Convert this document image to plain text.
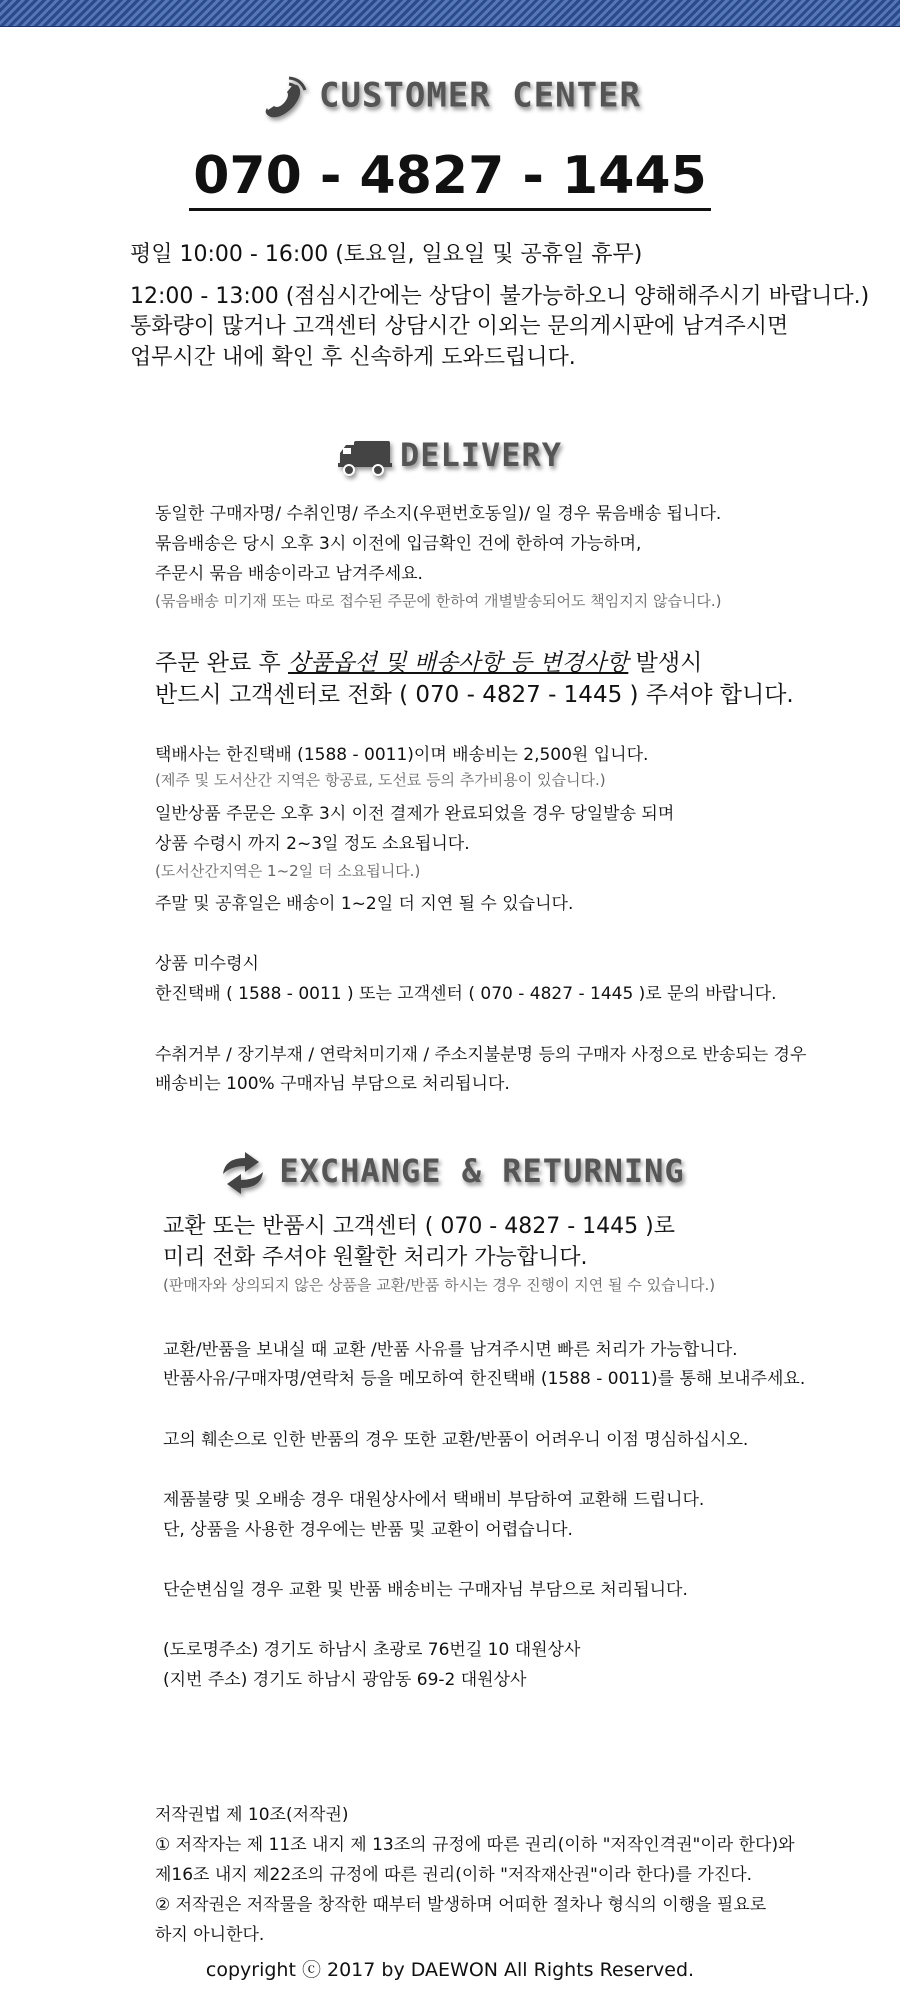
CUSTOMER CENTER
070 - 4827 - 1445
평일 10:00 - 16:00 (토요일, 일요일 및 공휴일 휴무)
12:00 - 13:00 (점심시간에는 상담이 불가능하오니 양해해주시기 바랍니다.)
통화량이 많거나 고객센터 상담시간 이외는 문의게시판에 남겨주시면
업무시간 내에 확인 후 신속하게 도와드립니다.
DELIVERY
동일한 구매자명/ 수취인명/ 주소지(우편번호동일)/ 일 경우 묶음배송 됩니다.
묶음배송은 당시 오후 3시 이전에 입금확인 건에 한하여 가능하며,
주문시 묶음 배송이라고 남겨주세요.
(묶음배송 미기재 또는 따로 접수된 주문에 한하여 개별발송되어도 책임지지 않습니다.)
주문 완료 후 상품옵션 및 배송사항 등 변경사항 발생시
반드시 고객센터로 전화 ( 070 - 4827 - 1445 ) 주셔야 합니다.
택배사는 한진택배 (1588 - 0011)이며 배송비는 2,500원 입니다.
(제주 및 도서산간 지역은 항공료, 도선료 등의 추가비용이 있습니다.)
일반상품 주문은 오후 3시 이전 결제가 완료되었을 경우 당일발송 되며
상품 수령시 까지 2~3일 정도 소요됩니다.
(도서산간지역은 1~2일 더 소요됩니다.)
주말 및 공휴일은 배송이 1~2일 더 지연 될 수 있습니다.
상품 미수령시
한진택배 ( 1588 - 0011 ) 또는 고객센터 ( 070 - 4827 - 1445 )로 문의 바랍니다.
수취거부 / 장기부재 / 연락처미기재 / 주소지불분명 등의 구매자 사정으로 반송되는 경우
배송비는 100% 구매자님 부담으로 처리됩니다.
EXCHANGE & RETURNING
교환 또는 반품시 고객센터 ( 070 - 4827 - 1445 )로
미리 전화 주셔야 원활한 처리가 가능합니다.
(판매자와 상의되지 않은 상품을 교환/반품 하시는 경우 진행이 지연 될 수 있습니다.)
교환/반품을 보내실 때 교환 /반품 사유를 남겨주시면 빠른 처리가 가능합니다.
반품사유/구매자명/연락처 등을 메모하여 한진택배 (1588 - 0011)를 통해 보내주세요.
고의 훼손으로 인한 반품의 경우 또한 교환/반품이 어려우니 이점 명심하십시오.
제품불량 및 오배송 경우 대원상사에서 택배비 부담하여 교환해 드립니다.
단, 상품을 사용한 경우에는 반품 및 교환이 어렵습니다.
단순변심일 경우 교환 및 반품 배송비는 구매자님 부담으로 처리됩니다.
(도로명주소) 경기도 하남시 초광로 76번길 10 대원상사
(지번 주소) 경기도 하남시 광암동 69-2 대원상사
저작권법 제 10조(저작권)
① 저작자는 제 11조 내지 제 13조의 규정에 따른 권리(이하 "저작인격권"이라 한다)와
제16조 내지 제22조의 규정에 따른 권리(이하 "저작재산권"이라 한다)를 가진다.
② 저작권은 저작물을 창작한 때부터 발생하며 어떠한 절차나 형식의 이행을 필요로
하지 아니한다.
copyright ⓒ 2017 by DAEWON All Rights Reserved.
